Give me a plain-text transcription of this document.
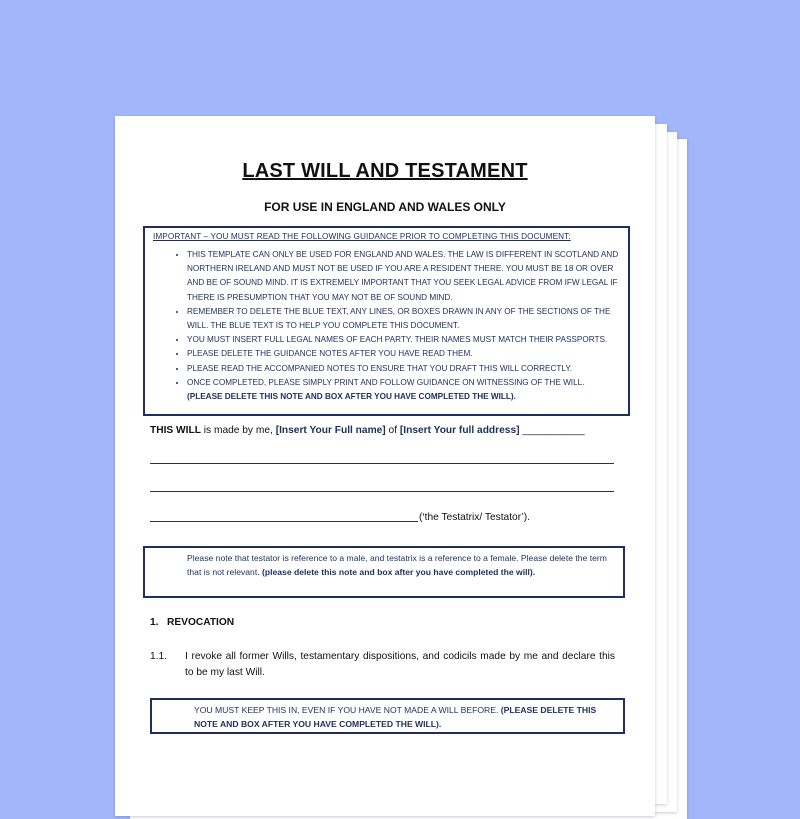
LAST WILL AND TESTAMENT
FOR USE IN ENGLAND AND WALES ONLY
IMPORTANT – YOU MUST READ THE FOLLOWING GUIDANCE PRIOR TO COMPLETING THIS DOCUMENT:
• THIS TEMPLATE CAN ONLY BE USED FOR ENGLAND AND WALES. THE LAW IS DIFFERENT IN SCOTLAND AND NORTHERN IRELAND AND MUST NOT BE USED IF YOU ARE A RESIDENT THERE. YOU MUST BE 18 OR OVER AND BE OF SOUND MIND. IT IS EXTREMELY IMPORTANT THAT YOU SEEK LEGAL ADVICE FROM IFW LEGAL IF THERE IS PRESUMPTION THAT YOU MAY NOT BE OF SOUND MIND.
• REMEMBER TO DELETE THE BLUE TEXT, ANY LINES, OR BOXES DRAWN IN ANY OF THE SECTIONS OF THE WILL. THE BLUE TEXT IS TO HELP YOU COMPLETE THIS DOCUMENT.
• YOU MUST INSERT FULL LEGAL NAMES OF EACH PARTY. THEIR NAMES MUST MATCH THEIR PASSPORTS.
• PLEASE DELETE THE GUIDANCE NOTES AFTER YOU HAVE READ THEM.
• PLEASE READ THE ACCOMPANIED NOTES TO ENSURE THAT YOU DRAFT THIS WILL CORRECTLY.
• ONCE COMPLETED, PLEASE SIMPLY PRINT AND FOLLOW GUIDANCE ON WITNESSING OF THE WILL.
(PLEASE DELETE THIS NOTE AND BOX AFTER YOU HAVE COMPLETED THE WILL).
THIS WILL is made by me, [Insert Your Full name] of [Insert Your full address] ___________
(‘the Testatrix/ Testator’).
Please note that testator is reference to a male, and testatrix is a reference to a female. Please delete the term that is not relevant. (please delete this note and box after you have completed the will).
1. REVOCATION
1.1. I revoke all former Wills, testamentary dispositions, and codicils made by me and declare this to be my last Will.
YOU MUST KEEP THIS IN, EVEN IF YOU HAVE NOT MADE A WILL BEFORE. (PLEASE DELETE THIS NOTE AND BOX AFTER YOU HAVE COMPLETED THE WILL).
